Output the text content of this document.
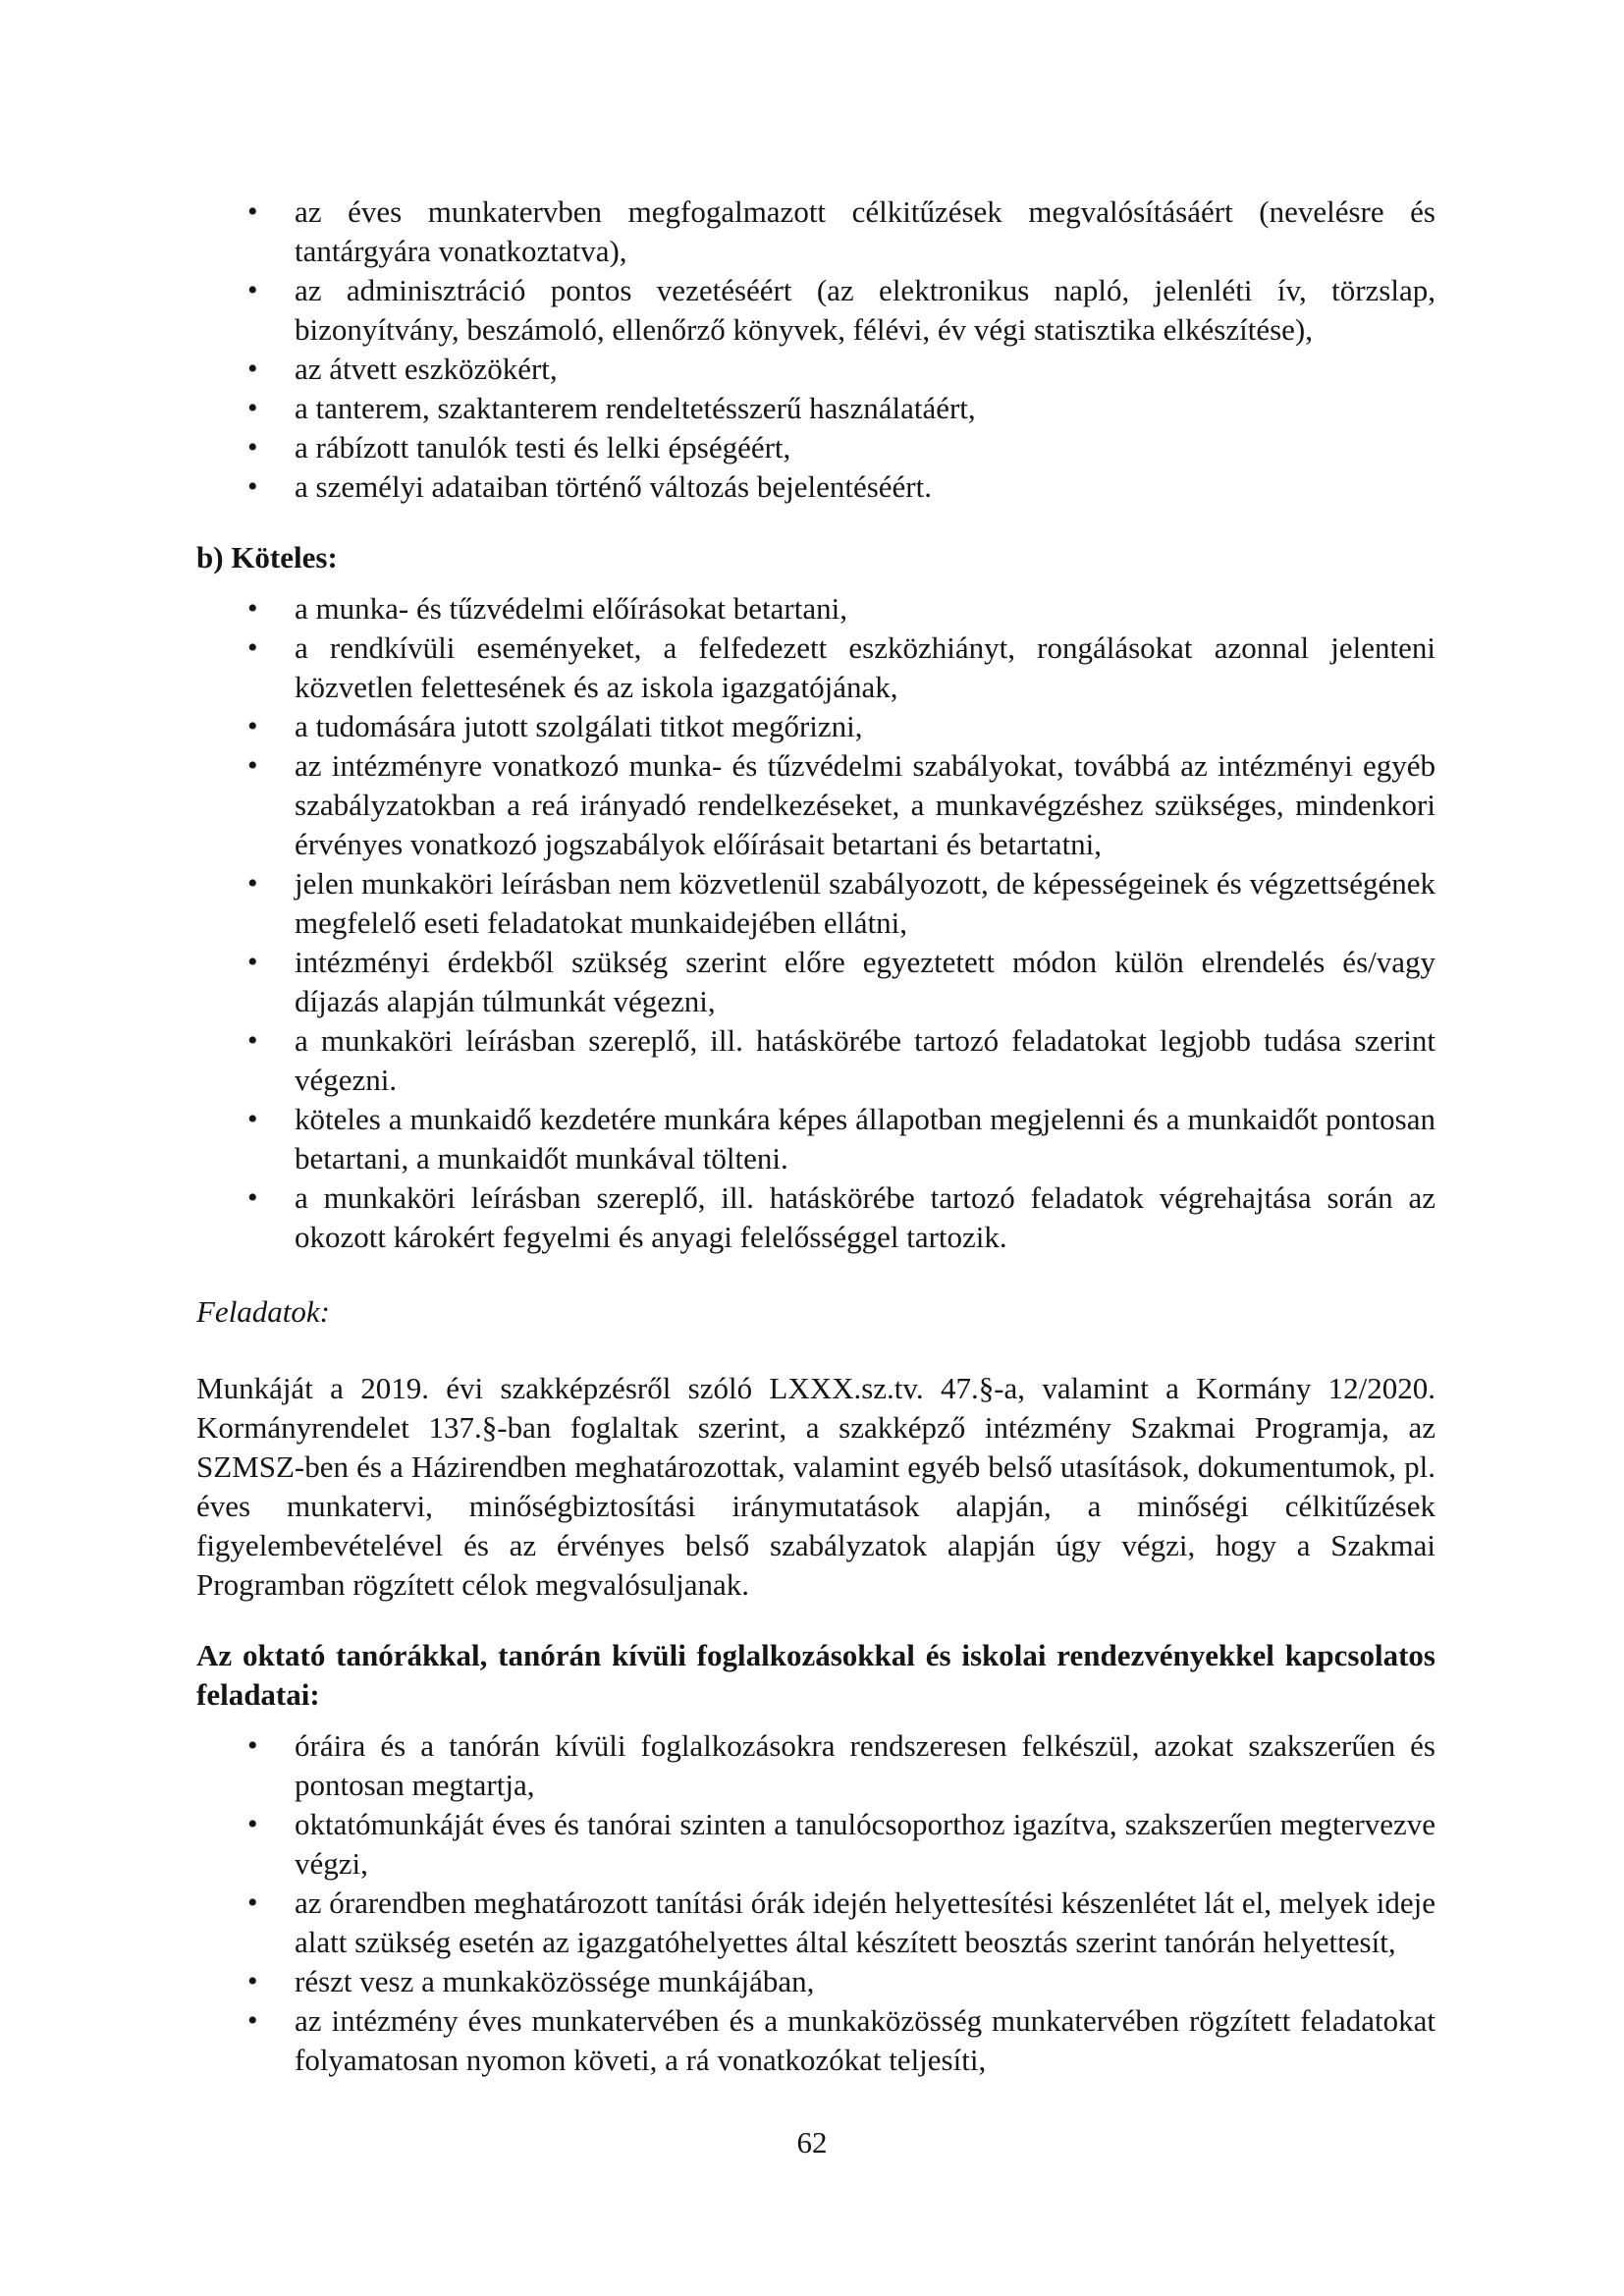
• az éves munkatervben megfogalmazott célkitűzések megvalósításáért (nevelésre és tantárgyára vonatkoztatva),
• az adminisztráció pontos vezetéséért (az elektronikus napló, jelenléti ív, törzslap, bizonyítvány, beszámoló, ellenőrző könyvek, félévi, év végi statisztika elkészítése),
• az átvett eszközökért,
• a tanterem, szaktanterem rendeltetésszerű használatáért,
• a rábízott tanulók testi és lelki épségéért,
• a személyi adataiban történő változás bejelentéséért.

b) Köteles:

• a munka- és tűzvédelmi előírásokat betartani,
• a rendkívüli eseményeket, a felfedezett eszközhiányt, rongálásokat azonnal jelenteni közvetlen felettesének és az iskola igazgatójának,
• a tudomására jutott szolgálati titkot megőrizni,
• az intézményre vonatkozó munka- és tűzvédelmi szabályokat, továbbá az intézményi egyéb szabályzatokban a reá irányadó rendelkezéseket, a munkavégzéshez szükséges, mindenkori érvényes vonatkozó jogszabályok előírásait betartani és betartatni,
• jelen munkaköri leírásban nem közvetlenül szabályozott, de képességeinek és végzettségének megfelelő eseti feladatokat munkaidejében ellátni,
• intézményi érdekből szükség szerint előre egyeztetett módon külön elrendelés és/vagy díjazás alapján túlmunkát végezni,
• a munkaköri leírásban szereplő, ill. hatáskörébe tartozó feladatokat legjobb tudása szerint végezni.
• köteles a munkaidő kezdetére munkára képes állapotban megjelenni és a munkaidőt pontosan betartani, a munkaidőt munkával tölteni.
• a munkaköri leírásban szereplő, ill. hatáskörébe tartozó feladatok végrehajtása során az okozott károkért fegyelmi és anyagi felelősséggel tartozik.

Feladatok:

Munkáját a 2019. évi szakképzésről szóló LXXX.sz.tv. 47.§-a, valamint a Kormány 12/2020. Kormányrendelet 137.§-ban foglaltak szerint, a szakképző intézmény Szakmai Programja, az SZMSZ-ben és a Házirendben meghatározottak, valamint egyéb belső utasítások, dokumentumok, pl. éves munkatervi, minőségbiztosítási iránymutatások alapján, a minőségi célkitűzések figyelembevételével és az érvényes belső szabályzatok alapján úgy végzi, hogy a Szakmai Programban rögzített célok megvalósuljanak.

Az oktató tanórákkal, tanórán kívüli foglalkozásokkal és iskolai rendezvényekkel kapcsolatos feladatai:

• óráira és a tanórán kívüli foglalkozásokra rendszeresen felkészül, azokat szakszerűen és pontosan megtartja,
• oktatómunkáját éves és tanórai szinten a tanulócsoporthoz igazítva, szakszerűen megtervezve végzi,
• az órarendben meghatározott tanítási órák idején helyettesítési készenlétet lát el, melyek ideje alatt szükség esetén az igazgatóhelyettes által készített beosztás szerint tanórán helyettesít,
• részt vesz a munkaközössége munkájában,
• az intézmény éves munkatervében és a munkaközösség munkatervében rögzített feladatokat folyamatosan nyomon követi, a rá vonatkozókat teljesíti,
62
